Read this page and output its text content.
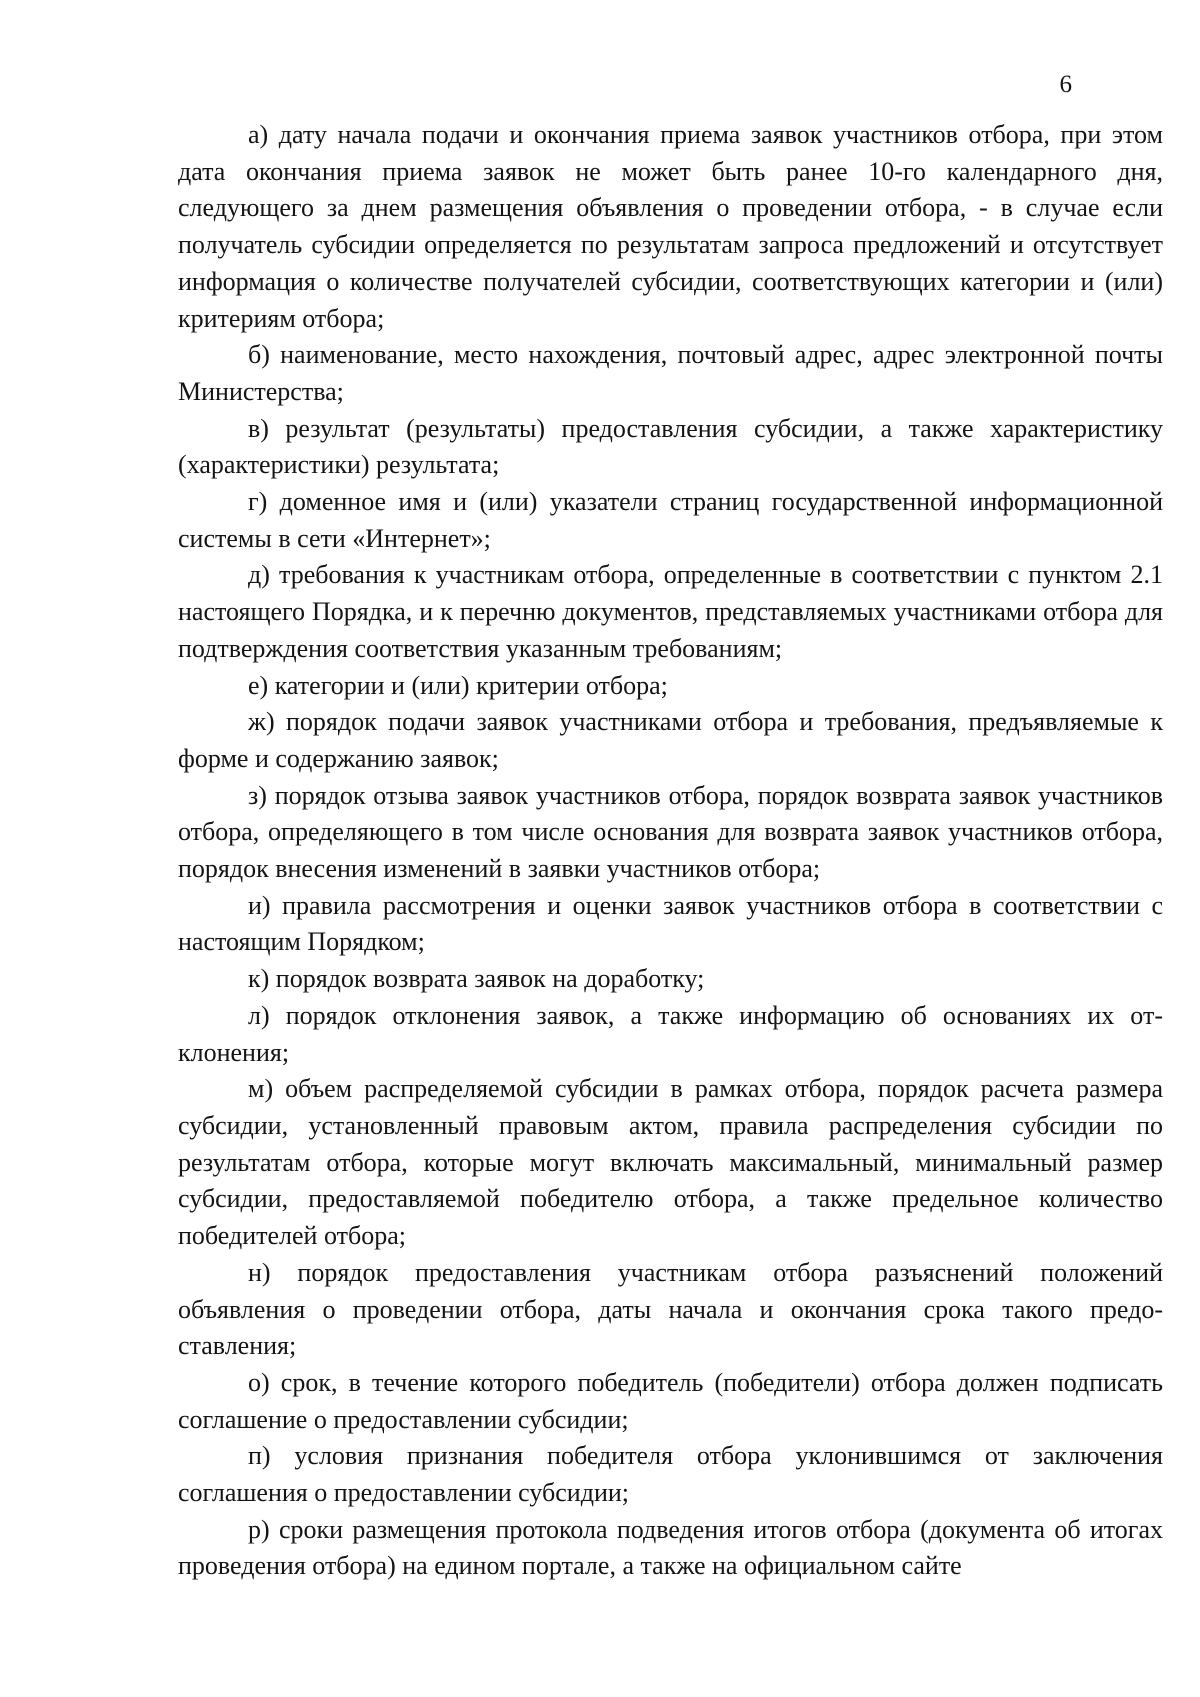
6

а) дату начала подачи и окончания приема заявок участников отбора, при этом дата окончания приема заявок не может быть ранее 10-го календарного дня, следующего за днем размещения объявления о проведении отбора, - в случае если получатель субсидии определяется по результатам запроса предложений и отсутствует информация о количестве получателей субсидии, соответствующих категории и (или) критериям отбора;

б) наименование, место нахождения, почтовый адрес, адрес электронной почты Министерства;

в) результат (результаты) предоставления субсидии, а также характеристику (характеристики) результата;

г) доменное имя и (или) указатели страниц государственной информационной системы в сети «Интернет»;

д) требования к участникам отбора, определенные в соответствии с пунктом 2.1 настоящего Порядка, и к перечню документов, представляемых участниками отбора для подтверждения соответствия указанным требованиям;

е) категории и (или) критерии отбора;

ж) порядок подачи заявок участниками отбора и требования, предъявляемые к форме и содержанию заявок;

з) порядок отзыва заявок участников отбора, порядок возврата заявок участников отбора, определяющего в том числе основания для возврата заявок участников отбора, порядок внесения изменений в заявки участников отбора;

и) правила рассмотрения и оценки заявок участников отбора в соответствии с настоящим Порядком;

к) порядок возврата заявок на доработку;

л) порядок отклонения заявок, а также информацию об основаниях их отклонения;

м) объем распределяемой субсидии в рамках отбора, порядок расчета размера субсидии, установленный правовым актом, правила распределения субсидии по результатам отбора, которые могут включать максимальный, минимальный размер субсидии, предоставляемой победителю отбора, а также предельное количество победителей отбора;

н) порядок предоставления участникам отбора разъяснений положений объявления о проведении отбора, даты начала и окончания срока такого предоставления;

о) срок, в течение которого победитель (победители) отбора должен подписать соглашение о предоставлении субсидии;

п) условия признания победителя отбора уклонившимся от заключения соглашения о предоставлении субсидии;

р) сроки размещения протокола подведения итогов отбора (документа об итогах проведения отбора) на едином портале, а также на официальном сайте
